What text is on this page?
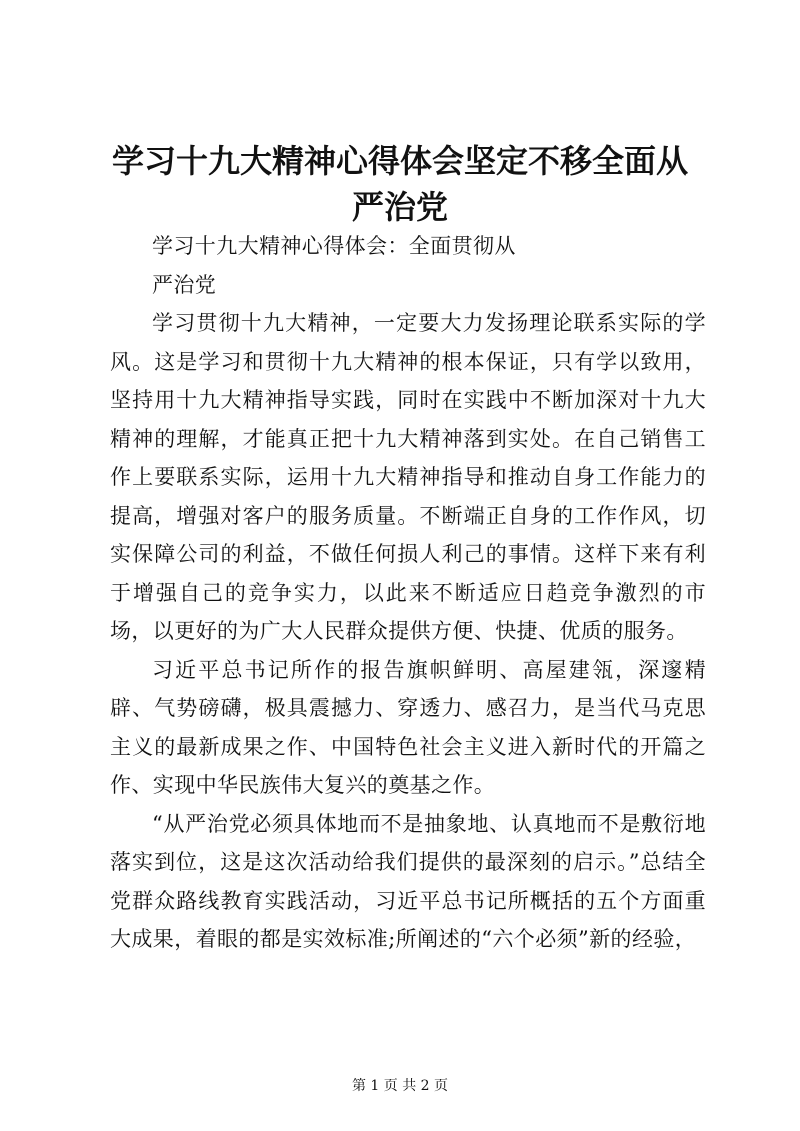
学习十九大精神心得体会坚定不移全面从严治党

学习十九大精神心得体会：全面贯彻从

严治党

学习贯彻十九大精神，一定要大力发扬理论联系实际的学风。这是学习和贯彻十九大精神的根本保证，只有学以致用，坚持用十九大精神指导实践，同时在实践中不断加深对十九大精神的理解，才能真正把十九大精神落到实处。在自己销售工作上要联系实际，运用十九大精神指导和推动自身工作能力的提高，增强对客户的服务质量。不断端正自身的工作作风，切实保障公司的利益，不做任何损人利己的事情。这样下来有利于增强自己的竞争实力，以此来不断适应日趋竞争激烈的市场，以更好的为广大人民群众提供方便、快捷、优质的服务。

习近平总书记所作的报告旗帜鲜明、高屋建瓴，深邃精辟、气势磅礴，极具震撼力、穿透力、感召力，是当代马克思主义的最新成果之作、中国特色社会主义进入新时代的开篇之作、实现中华民族伟大复兴的奠基之作。

“从严治党必须具体地而不是抽象地、认真地而不是敷衍地落实到位，这是这次活动给我们提供的最深刻的启示。”总结全党群众路线教育实践活动，习近平总书记所概括的五个方面重大成果，着眼的都是实效标准;所阐述的“六个必须”新的经验，

第 1 页 共 2 页
